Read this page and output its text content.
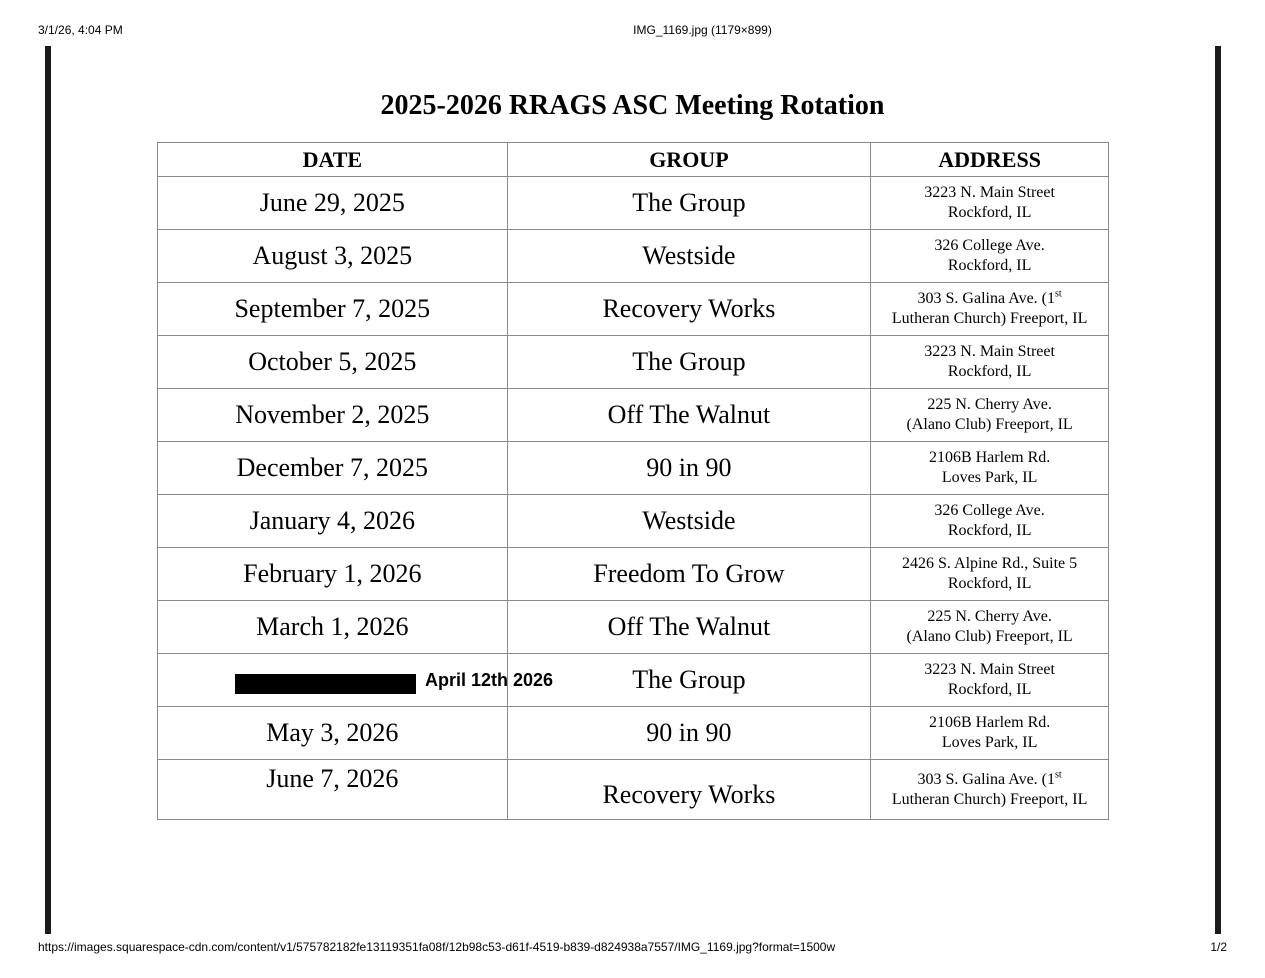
3/1/26, 4:04 PM	IMG_1169.jpg (1179×899)
2025-2026 RRAGS ASC Meeting Rotation
DATE	GROUP	ADDRESS
June 29, 2025	The Group	3223 N. Main Street
Rockford, IL
August 3, 2025	Westside	326 College Ave.
Rockford, IL
September 7, 2025	Recovery Works	303 S. Galina Ave. (1st
Lutheran Church) Freeport, IL
October 5, 2025	The Group	3223 N. Main Street
Rockford, IL
November 2, 2025	Off The Walnut	225 N. Cherry Ave.
(Alano Club) Freeport, IL
December 7, 2025	90 in 90	2106B Harlem Rd.
Loves Park, IL
January 4, 2026	Westside	326 College Ave.
Rockford, IL
February 1, 2026	Freedom To Grow	2426 S. Alpine Rd., Suite 5
Rockford, IL
March 1, 2026	Off The Walnut	225 N. Cherry Ave.
(Alano Club) Freeport, IL

April 12th 2026	The Group	3223 N. Main Street
Rockford, IL
May 3, 2026	90 in 90	2106B Harlem Rd.
Loves Park, IL
June 7, 2026	Recovery Works	303 S. Galina Ave. (1st
Lutheran Church) Freeport, IL
https://images.squarespace-cdn.com/content/v1/575782182fe13119351fa08f/12b98c53-d61f-4519-b839-d824938a7557/IMG_1169.jpg?format=1500w	1/2
